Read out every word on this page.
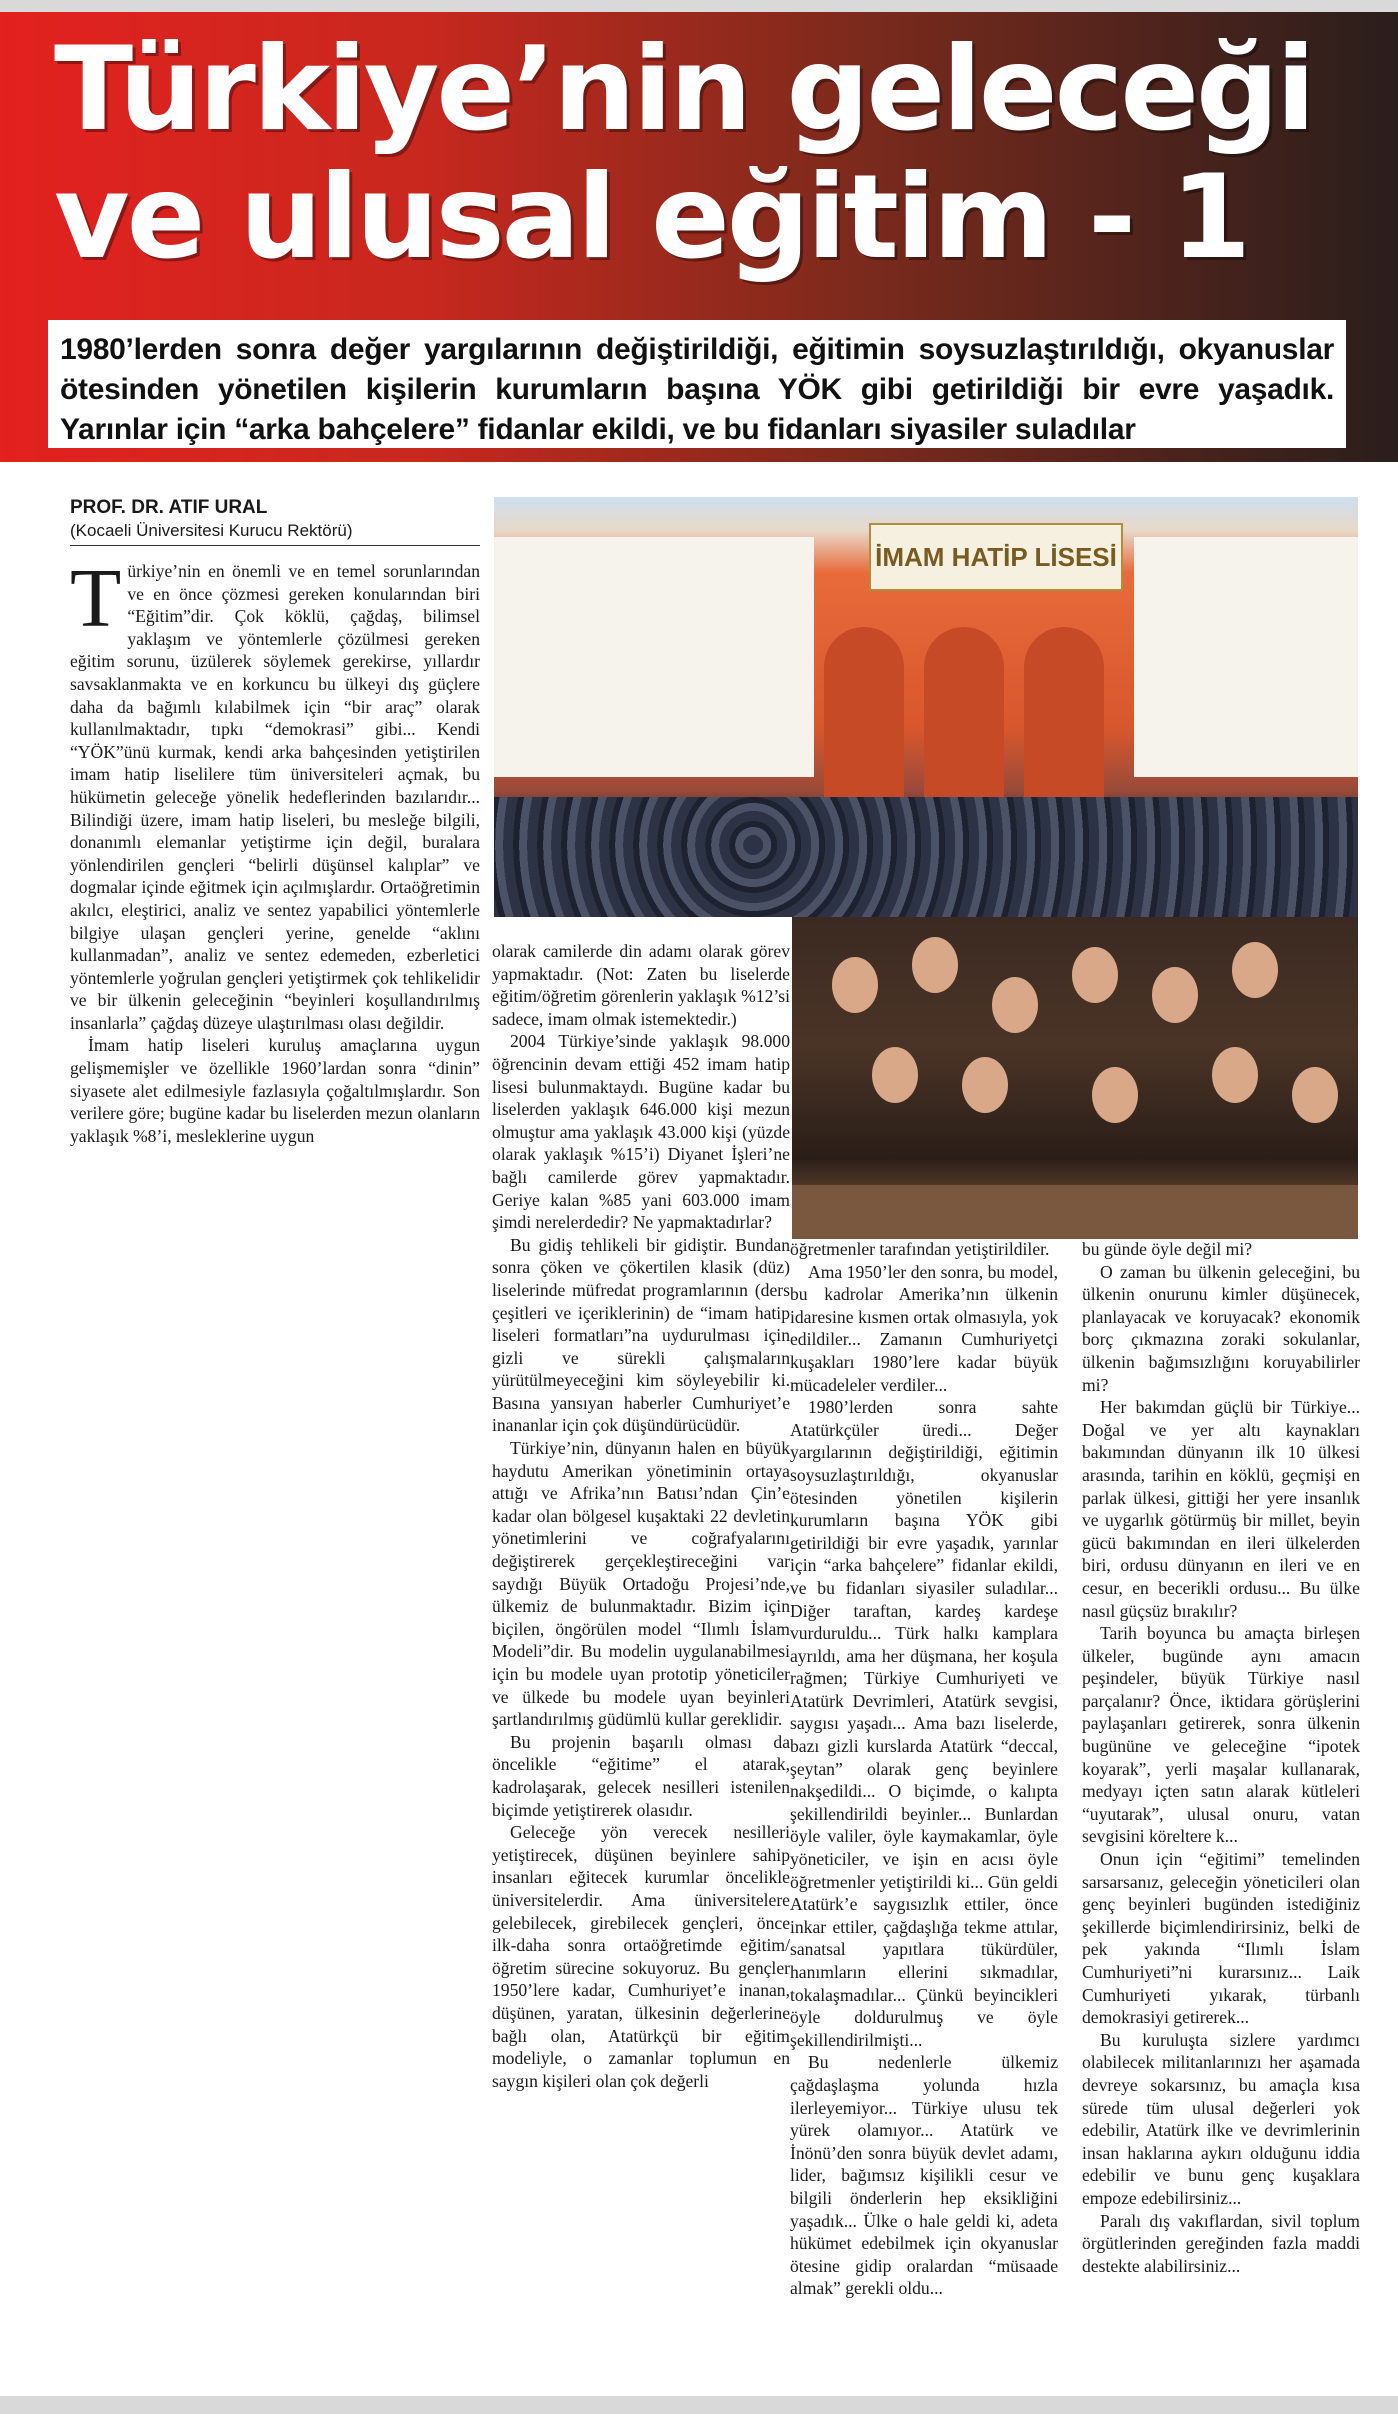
Türkiye’nin geleceği
ve ulusal eğitim - 1
1980’lerden sonra değer yargılarının değiştirildiği, eğitimin soysuzlaştırıldığı, okyanuslar ötesinden yönetilen kişilerin kurumların başına YÖK gibi getirildiği bir evre yaşadık. Yarınlar için “arka bahçelere” fidanlar ekildi, ve bu fidanları siyasiler suladılar
PROF. DR. ATIF URAL
(Kocaeli Üniversitesi Kurucu Rektörü)
T ürkiye’nin en önemli ve en temel sorunlarından ve en önce çözmesi gereken konularından biri “Eğitim”dir. Çok köklü, çağdaş, bilimsel yaklaşım ve yöntemlerle çözülmesi gereken eğitim sorunu, üzülerek söylemek gerekirse, yıllardır savsaklanmakta ve en korkuncu bu ülkeyi dış güçlere daha da bağımlı kılabilmek için “bir araç” olarak kullanılmaktadır, tıpkı “demokrasi” gibi... Kendi “YÖK”ünü kurmak, kendi arka bahçesinden yetiştirilen imam hatip liselilere tüm üniversiteleri açmak, bu hükümetin geleceğe yönelik hedeflerinden bazılarıdır... Bilindiği üzere, imam hatip liseleri, bu mesleğe bilgili, donanımlı elemanlar yetiştirme için değil, buralara yönlendirilen gençleri “belirli düşünsel kalıplar” ve dogmalar içinde eğitmek için açılmışlardır. Ortaöğretimin akılcı, eleştirici, analiz ve sentez yapabilici yöntemlerle bilgiye ulaşan gençleri yerine, genelde “aklını kullanmadan”, analiz ve sentez edemeden, ezberletici yöntemlerle yoğrulan gençleri yetiştirmek çok tehlikelidir ve bir ülkenin geleceğinin “beyinleri koşullandırılmış insanlarla” çağdaş düzeye ulaştırılması olası değildir.

İmam hatip liseleri kuruluş amaçlarına uygun gelişmemişler ve özellikle 1960’lardan sonra “dinin” siyasete alet edilmesiyle fazlasıyla çoğaltılmışlardır. Son verilere göre; bugüne kadar bu liselerden mezun olanların yaklaşık %8’i, mesleklerine uygun

İMAM HATİP LİSESİ

olarak camilerde din adamı olarak görev yapmaktadır. (Not: Zaten bu liselerde eğitim/öğretim görenlerin yaklaşık %12’si sadece, imam olmak istemektedir.)

2004 Türkiye’sinde yaklaşık 98.000 öğrencinin devam ettiği 452 imam hatip lisesi bulunmaktaydı. Bugüne kadar bu liselerden yaklaşık 646.000 kişi mezun olmuştur ama yaklaşık 43.000 kişi (yüzde olarak yaklaşık %15’i) Diyanet İşleri’ne bağlı camilerde görev yapmaktadır. Geriye kalan %85 yani 603.000 imam şimdi nerelerdedir? Ne yapmaktadırlar?

Bu gidiş tehlikeli bir gidiştir. Bundan sonra çöken ve çökertilen klasik (düz) liselerinde müfredat programlarının (ders çeşitleri ve içeriklerinin) de “imam hatip liseleri formatları”na uydurulması için gizli ve sürekli çalışmaların yürütülmeyeceğini kim söyleyebilir ki. Basına yansıyan haberler Cumhuriyet’e inananlar için çok düşündürücüdür.

Türkiye’nin, dünyanın halen en büyük haydutu Amerikan yönetiminin ortaya attığı ve Afrika’nın Batısı’ndan Çin’e kadar olan bölgesel kuşaktaki 22 devletin yönetimlerini ve coğrafyalarını değiştirerek gerçekleştireceğini var saydığı Büyük Ortadoğu Projesi’nde, ülkemiz de bulunmaktadır. Bizim için biçilen, öngörülen model “Ilımlı İslam Modeli”dir. Bu modelin uygulanabilmesi için bu modele uyan prototip yöneticiler ve ülkede bu modele uyan beyinleri şartlandırılmış güdümlü kullar gereklidir.

Bu projenin başarılı olması da öncelikle “eğitime” el atarak, kadrolaşarak, gelecek nesilleri istenilen biçimde yetiştirerek olasıdır.

Geleceğe yön verecek nesilleri yetiştirecek, düşünen beyinlere sahip insanları eğitecek kurumlar öncelikle üniversitelerdir. Ama üniversitelere gelebilecek, girebilecek gençleri, önce ilk-daha sonra ortaöğretimde eğitim/öğretim sürecine sokuyoruz. Bu gençler 1950’lere kadar, Cumhuriyet’e inanan, düşünen, yaratan, ülkesinin değerlerine bağlı olan, Atatürkçü bir eğitim modeliyle, o zamanlar toplumun en saygın kişileri olan çok değerli

öğretmenler tarafından yetiştirildiler.

Ama 1950’ler den sonra, bu model, bu kadrolar Amerika’nın ülkenin idaresine kısmen ortak olmasıyla, yok edildiler... Zamanın Cumhuriyetçi kuşakları 1980’lere kadar büyük mücadeleler verdiler...

1980’lerden sonra sahte Atatürkçüler üredi... Değer yargılarının değiştirildiği, eğitimin soysuzlaştırıldığı, okyanuslar ötesinden yönetilen kişilerin kurumların başına YÖK gibi getirildiği bir evre yaşadık, yarınlar için “arka bahçelere” fidanlar ekildi, ve bu fidanları siyasiler suladılar... Diğer taraftan, kardeş kardeşe vurduruldu... Türk halkı kamplara ayrıldı, ama her düşmana, her koşula rağmen; Türkiye Cumhuriyeti ve Atatürk Devrimleri, Atatürk sevgisi, saygısı yaşadı... Ama bazı liselerde, bazı gizli kurslarda Atatürk “deccal, şeytan” olarak genç beyinlere nakşedildi... O biçimde, o kalıpta şekillendirildi beyinler... Bunlardan öyle valiler, öyle kaymakamlar, öyle yöneticiler, ve işin en acısı öyle öğretmenler yetiştirildi ki... Gün geldi Atatürk’e saygısızlık ettiler, önce inkar ettiler, çağdaşlığa tekme attılar, sanatsal yapıtlara tükürdüler, hanımların ellerini sıkmadılar, tokalaşmadılar... Çünkü beyincikleri öyle doldurulmuş ve öyle şekillendirilmişti...

Bu nedenlerle ülkemiz çağdaşlaşma yolunda hızla ilerleyemiyor... Türkiye ulusu tek yürek olamıyor... Atatürk ve İnönü’den sonra büyük devlet adamı, lider, bağımsız kişilikli cesur ve bilgili önderlerin hep eksikliğini yaşadık... Ülke o hale geldi ki, adeta hükümet edebilmek için okyanuslar ötesine gidip oralardan “müsaade almak” gerekli oldu...

bu günde öyle değil mi?

O zaman bu ülkenin geleceğini, bu ülkenin onurunu kimler düşünecek, planlayacak ve koruyacak? ekonomik borç çıkmazına zoraki sokulanlar, ülkenin bağımsızlığını koruyabilirler mi?

Her bakımdan güçlü bir Türkiye... Doğal ve yer altı kaynakları bakımından dünyanın ilk 10 ülkesi arasında, tarihin en köklü, geçmişi en parlak ülkesi, gittiği her yere insanlık ve uygarlık götürmüş bir millet, beyin gücü bakımından en ileri ülkelerden biri, ordusu dünyanın en ileri ve en cesur, en becerikli ordusu... Bu ülke nasıl güçsüz bırakılır?

Tarih boyunca bu amaçta birleşen ülkeler, bugünde aynı amacın peşindeler, büyük Türkiye nasıl parçalanır? Önce, iktidara görüşlerini paylaşanları getirerek, sonra ülkenin bugününe ve geleceğine “ipotek koyarak”, yerli maşalar kullanarak, medyayı içten satın alarak kütleleri “uyutarak”, ulusal onuru, vatan sevgisini köreltere k...

Onun için “eğitimi” temelinden sarsarsanız, geleceğin yöneticileri olan genç beyinleri bugünden istediğiniz şekillerde biçimlendirirsiniz, belki de pek yakında “Ilımlı İslam Cumhuriyeti”ni kurarsınız... Laik Cumhuriyeti yıkarak, türbanlı demokrasiyi getirerek...

Bu kuruluşta sizlere yardımcı olabilecek militanlarınızı her aşamada devreye sokarsınız, bu amaçla kısa sürede tüm ulusal değerleri yok edebilir, Atatürk ilke ve devrimlerinin insan haklarına aykırı olduğunu iddia edebilir ve bunu genç kuşaklara empoze edebilirsiniz...

Paralı dış vakıflardan, sivil toplum örgütlerinden gereğinden fazla maddi destekte alabilirsiniz...
